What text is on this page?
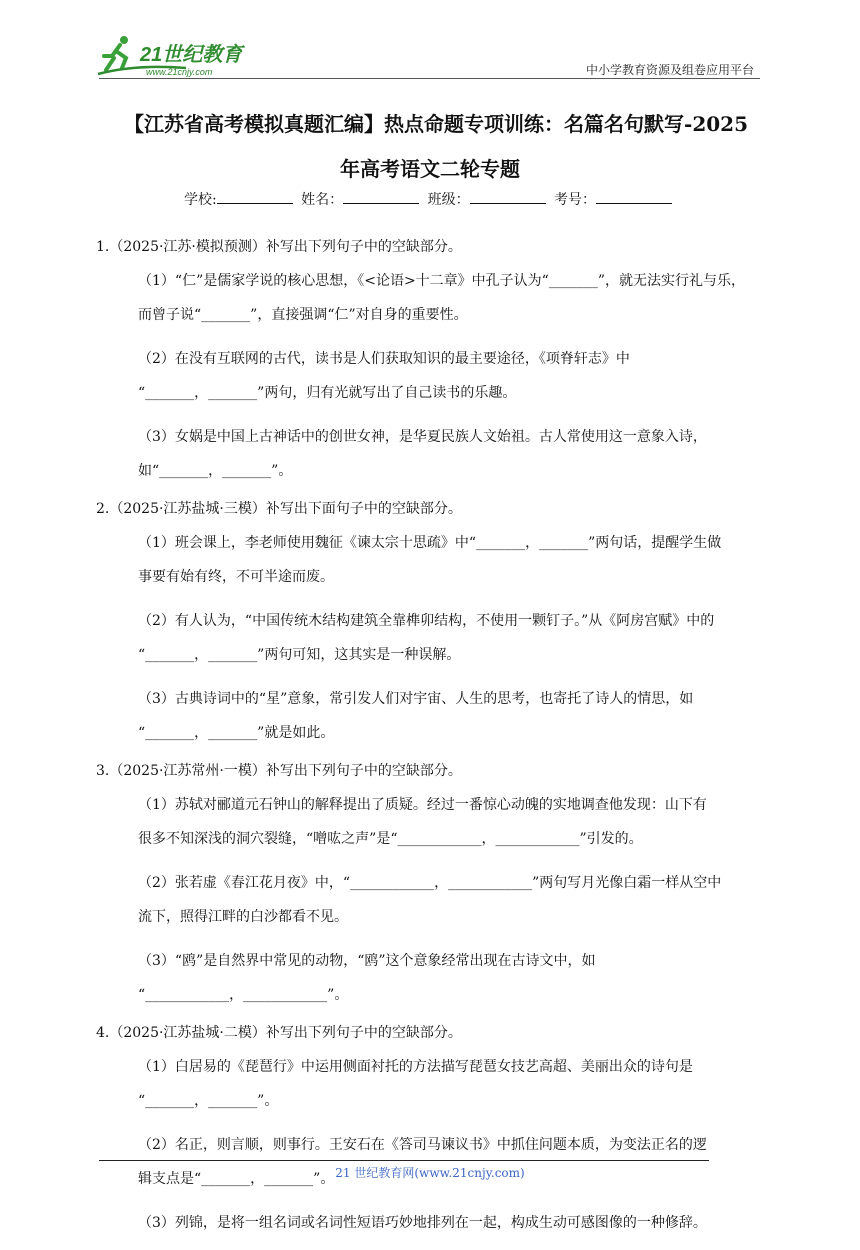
21世纪教育
www.21cnjy.com	中小学教育资源及组卷应用平台
【江苏省高考模拟真题汇编】热点命题专项训练：名篇名句默写-2025
年高考语文二轮专题
学校:	姓名：	班级：	考号：
1.（2025·江苏·模拟预测）补写出下列句子中的空缺部分。
（1）“仁”是儒家学说的核心思想，《<论语>十二章》中孔子认为“_______”，就无法实行礼与乐，
而曾子说“_______”，直接强调“仁”对自身的重要性。
（2）在没有互联网的古代，读书是人们获取知识的最主要途径，《项脊轩志》中
“_______，_______”两句，归有光就写出了自己读书的乐趣。
（3）女娲是中国上古神话中的创世女神，是华夏民族人文始祖。古人常使用这一意象入诗，
如“_______，_______”。
2.（2025·江苏盐城·三模）补写出下面句子中的空缺部分。
（1）班会课上，李老师使用魏征《谏太宗十思疏》中“_______，_______”两句话，提醒学生做
事要有始有终，不可半途而废。
（2）有人认为，“中国传统木结构建筑全靠榫卯结构，不使用一颗钉子。”从《阿房宫赋》中的
“_______，_______”两句可知，这其实是一种误解。
（3）古典诗词中的“星”意象，常引发人们对宇宙、人生的思考，也寄托了诗人的情思，如
“_______，_______”就是如此。
3.（2025·江苏常州·一模）补写出下列句子中的空缺部分。
（1）苏轼对郦道元石钟山的解释提出了质疑。经过一番惊心动魄的实地调查他发现：山下有
很多不知深浅的洞穴裂缝，“噌吰之声”是“____________，____________”引发的。
（2）张若虚《春江花月夜》中，“____________，____________”两句写月光像白霜一样从空中
流下，照得江畔的白沙都看不见。
（3）“鸥”是自然界中常见的动物，“鸥”这个意象经常出现在古诗文中，如
“____________，____________”。
4.（2025·江苏盐城·二模）补写出下列句子中的空缺部分。
（1）白居易的《琵琶行》中运用侧面衬托的方法描写琵琶女技艺高超、美丽出众的诗句是
“_______，_______”。
（2）名正，则言顺，则事行。王安石在《答司马谏议书》中抓住问题本质，为变法正名的逻
辑支点是“_______，_______”。
（3）列锦，是将一组名词或名词性短语巧妙地排列在一起，构成生动可感图像的一种修辞。
21 世纪教育网(www.21cnjy.com)
